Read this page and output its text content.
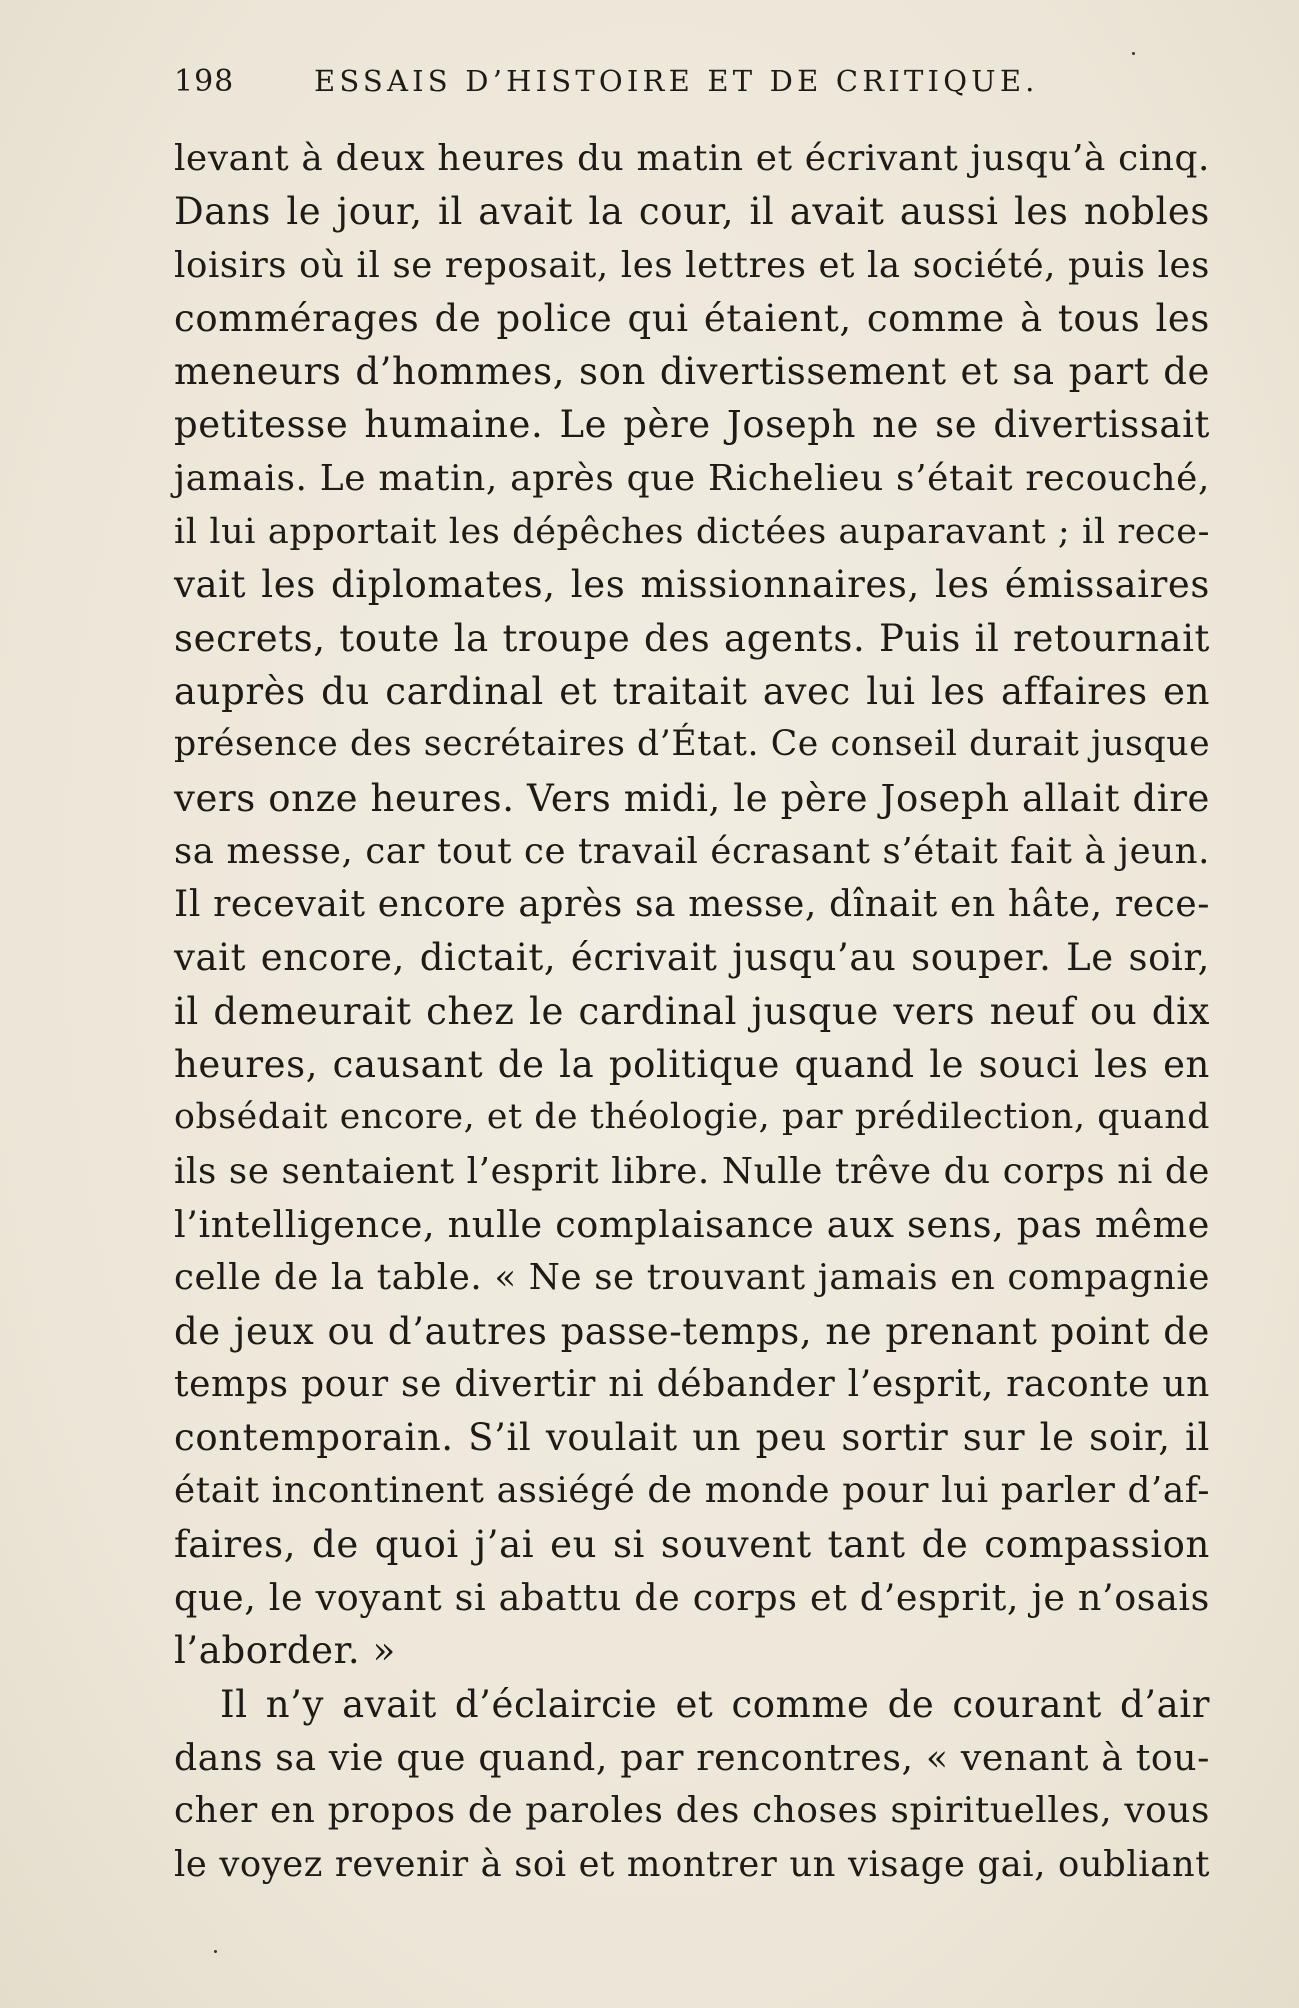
198	ESSAIS D’HISTOIRE ET DE CRITIQUE.
levant à deux heures du matin et écrivant jusqu’à cinq.
Dans le jour, il avait la cour, il avait aussi les nobles
loisirs où il se reposait, les lettres et la société, puis les
commérages de police qui étaient, comme à tous les
meneurs d’hommes, son divertissement et sa part de
petitesse humaine. Le père Joseph ne se divertissait
jamais. Le matin, après que Richelieu s’était recouché,
il lui apportait les dépêches dictées auparavant ; il rece-
vait les diplomates, les missionnaires, les émissaires
secrets, toute la troupe des agents. Puis il retournait
auprès du cardinal et traitait avec lui les affaires en
présence des secrétaires d’État. Ce conseil durait jusque
vers onze heures. Vers midi, le père Joseph allait dire
sa messe, car tout ce travail écrasant s’était fait à jeun.
Il recevait encore après sa messe, dînait en hâte, rece-
vait encore, dictait, écrivait jusqu’au souper. Le soir,
il demeurait chez le cardinal jusque vers neuf ou dix
heures, causant de la politique quand le souci les en
obsédait encore, et de théologie, par prédilection, quand
ils se sentaient l’esprit libre. Nulle trêve du corps ni de
l’intelligence, nulle complaisance aux sens, pas même
celle de la table. « Ne se trouvant jamais en compagnie
de jeux ou d’autres passe-temps, ne prenant point de
temps pour se divertir ni débander l’esprit, raconte un
contemporain. S’il voulait un peu sortir sur le soir, il
était incontinent assiégé de monde pour lui parler d’af-
faires, de quoi j’ai eu si souvent tant de compassion
que, le voyant si abattu de corps et d’esprit, je n’osais
l’aborder. »
Il n’y avait d’éclaircie et comme de courant d’air
dans sa vie que quand, par rencontres, « venant à tou-
cher en propos de paroles des choses spirituelles, vous
le voyez revenir à soi et montrer un visage gai, oubliant
